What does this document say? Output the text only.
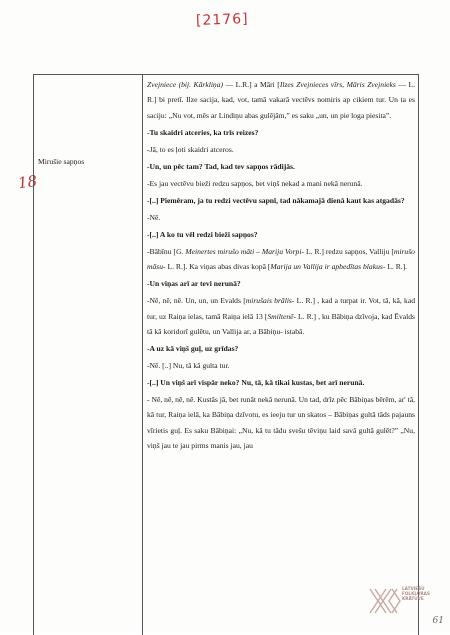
[2176]
18
Mirušie sapņos

Zvejniece (bij. Kārkliņa) — L.R.] a Māri [Ilzes Zvejnieces vīrs, Māris Zvejnieks — L. R.] bi pretī. Ilze sacija, kad, vot, tamā vakarā vectēvs nomiris ap cikiem tur. Un ta es saciju: „Nu vot, mēs ar Lindiņu abas gulējām,” es saku „un, un pie loga piesita”.

-Tu skaidri atceries, ka trīs reizes?

-Jā, to es ļoti skaidri atceros.

-Un, un pēc tam? Tad, kad tev sapņos rādijās.

-Es jau vectēvu bieži redzu sapņos, bet viņš nekad a mani nekā nerunā.

-[..] Piemēram, ja tu redzi vectēvu sapnī, tad nākamajā dienā kaut kas atgadās?

-Nē.

-[..] A ko tu vēl redzi bieži sapņos?

-Bābīnu [G. Meinertes mirušo māti – Mariju Vorpi- L. R.] redzu sapņos, Valliju [mirušo māsu- L. R.]. Ka viņas abas divas kopā [Marija un Vallija ir apbedītas blakus- L. R.].

-Un viņas arī ar tevi nerunā?

-Nē, nē, nē. Un, un, un Evalds [mirušais brālis- L. R.] , kad a turpat ir. Vot, tā, kā, kad tur, uz Raiņa ielas, tamā Raiņa ielā 13 [Smiltenē- L. R.] , ku Bābiņa dzīvoja, kad Ēvalds tā kā koridorī gulētu, un Vallija ar, a Bābiņu- istabā.

-A uz kā viņš guļ, uz grīdas?

-Nē. [..] Nu, tā kā gulta tur.

-[..] Un viņš arī vispār neko? Nu, tā, kā tikai kustas, bet arī nerunā.

- Nē, nē, nē, nē. Kustās jā, bet runāt nekā nerunā. Un tad, drīz pēc Bābiņas bērēm, ar' tā, kā tur, Raiņa ielā, ka Bābiņa dzīvotu, es ieeju tur un skatos – Bābiņas gultā tāds pajauns vīrietis guļ. Es saku Bābiņai: „Nu, kā tu tādu svešu tēviņu laid savā gultā gulēt?” „Nu, viņš jau te jau pirms manis jau, jau

61
LATVIEŠU
FOLKLORAS
KRĀTUVE
